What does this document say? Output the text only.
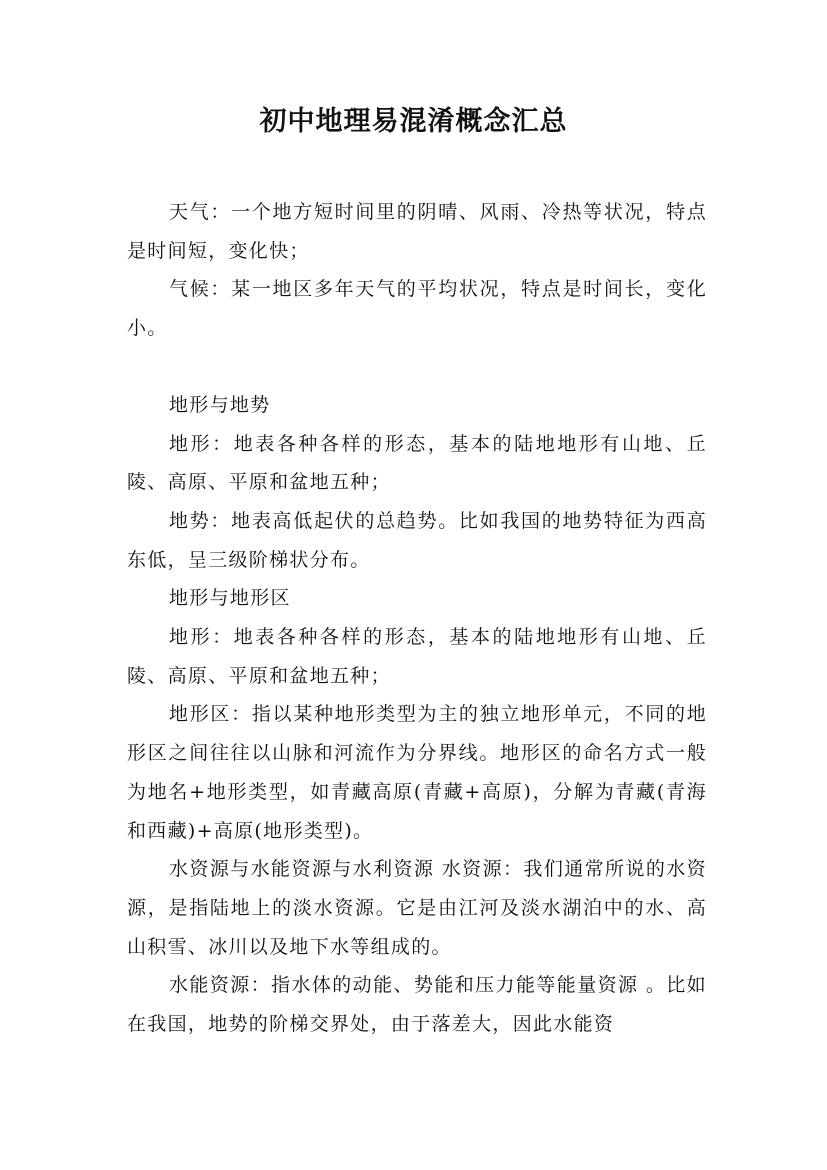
初中地理易混淆概念汇总

天气：一个地方短时间里的阴晴、风雨、冷热等状况，特点是时间短，变化快；

气候：某一地区多年天气的平均状况，特点是时间长，变化小。

地形与地势

地形：地表各种各样的形态，基本的陆地地形有山地、丘陵、高原、平原和盆地五种；

地势：地表高低起伏的总趋势。比如我国的地势特征为西高东低，呈三级阶梯状分布。

地形与地形区

地形：地表各种各样的形态，基本的陆地地形有山地、丘陵、高原、平原和盆地五种；

地形区：指以某种地形类型为主的独立地形单元，不同的地形区之间往往以山脉和河流作为分界线。地形区的命名方式一般为地名+地形类型，如青藏高原(青藏+高原)，分解为青藏(青海和西藏)+高原(地形类型)。

水资源与水能资源与水利资源 水资源：我们通常所说的水资源，是指陆地上的淡水资源。它是由江河及淡水湖泊中的水、高山积雪、冰川以及地下水等组成的。

水能资源：指水体的动能、势能和压力能等能量资源 。比如在我国，地势的阶梯交界处，由于落差大，因此水能资
